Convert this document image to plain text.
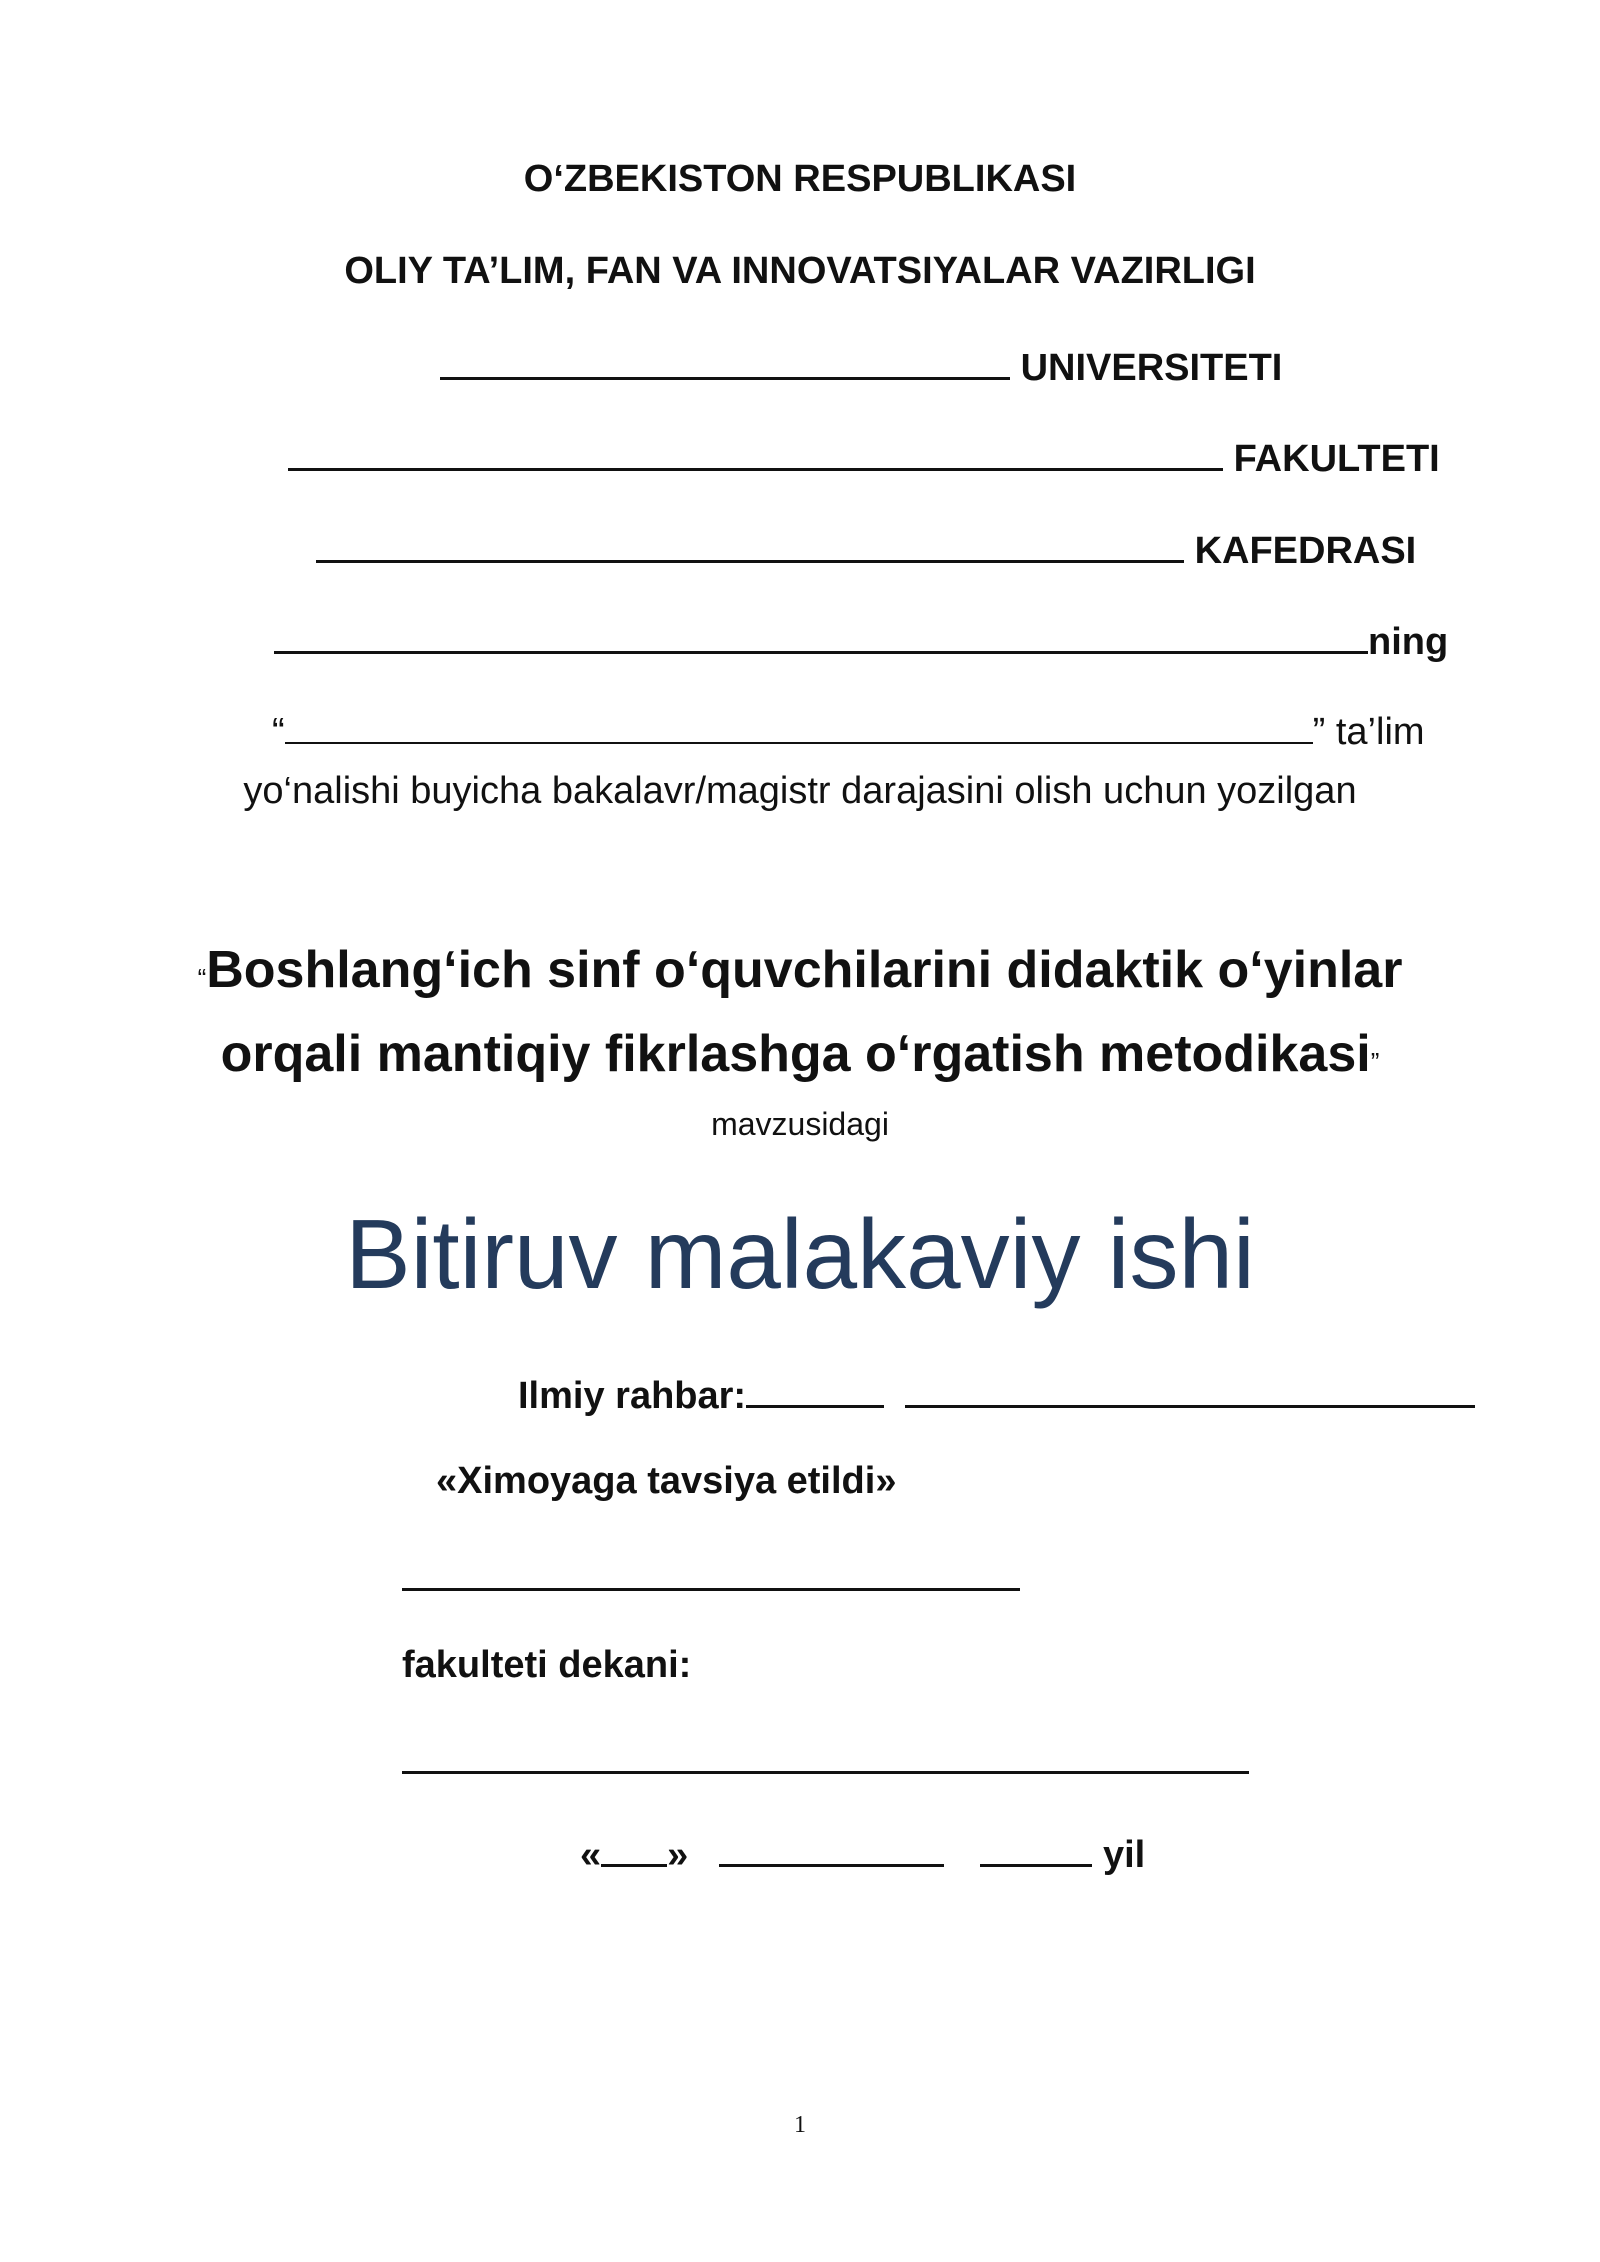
O‘ZBEKISTON RESPUBLIKASI
OLIY TA’LIM, FAN VA INNOVATSIYALAR VAZIRLIGI
UNIVERSITETI
FAKULTETI
KAFEDRASI
ning
“	” ta’lim
yo‘nalishi buyicha bakalavr/magistr darajasini olish uchun yozilgan
“Boshlang‘ich sinf o‘quvchilarini didaktik o‘yinlar
orqali mantiqiy fikrlashga o‘rgatish metodikasi”
mavzusidagi
Bitiruv malakaviy ishi
Ilmiy rahbar:
«Ximoyaga tavsiya etildi»
fakulteti dekani:
« »	yil
1
